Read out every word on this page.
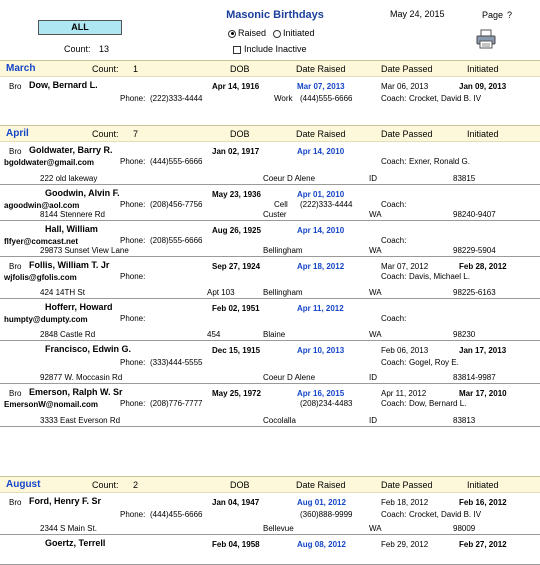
ALL
Count: 13
Masonic Birthdays
Raised	Initiated
Include Inactive
May 24, 2015	Page ?
March	Count: 1	DOB	Date Raised	Date Passed	Initiated
Bro Dow, Bernard L.	Apr 14, 1916	Mar 07, 2013	Mar 06, 2013	Jan 09, 2013
Phone: (222)333-4444	Work (444)555-6666	Coach: Crocket, David B. IV
April	Count: 7	DOB	Date Raised	Date Passed	Initiated
Bro Goldwater, Barry R.	Jan 02, 1917	Apr 14, 2010
bgoldwater@gmail.com	Phone: (444)555-6666	Coach: Exner, Ronald G.
222 old lakeway	Coeur D Alene	ID	83815
Goodwin, Alvin F.	May 23, 1936	Apr 01, 2010
agoodwin@aol.com	Phone: (208)456-7756	Cell (222)333-4444	Coach:
8144 Stennere Rd	Custer	WA	98240-9407
Hall, William	Aug 26, 1925	Apr 14, 2010
flfyer@comcast.net	Phone: (208)555-6666	Coach:
29873 Sunset View Lane	Bellingham	WA	98229-5904
Bro Follis, William T. Jr	Sep 27, 1924	Apr 18, 2012	Mar 07, 2012	Feb 28, 2012
wjfolis@gfolis.com	Phone:	Coach: Davis, Michael L.
424 14TH St	Apt 103	Bellingham	WA	98225-6163
Hofferr, Howard	Feb 02, 1951	Apr 11, 2012
humpty@dumpty.com	Phone:	Coach:
2848 Castle Rd	454	Blaine	WA	98230
Francisco, Edwin G.	Dec 15, 1915	Apr 10, 2013	Feb 06, 2013	Jan 17, 2013
Phone: (333)444-5555	Coach: Gogel, Roy E.
92877 W. Moccasin Rd	Coeur D Alene	ID	83814-9987
Bro Emerson, Ralph W. Sr	May 25, 1972	Apr 16, 2015	Apr 11, 2012	Mar 17, 2010
EmersonW@nomail.com	Phone: (208)776-7777	(208)234-4483	Coach: Dow, Bernard L.
3333 East Everson Rd	Cocolalla	ID	83813
August	Count: 2	DOB	Date Raised	Date Passed	Initiated
Bro Ford, Henry F. Sr	Jan 04, 1947	Aug 01, 2012	Feb 18, 2012	Feb 16, 2012
Phone: (444)455-6666	(360)888-9999	Coach: Crocket, David B. IV
2344 S Main St.	Bellevue	WA	98009
Goertz, Terrell	Feb 04, 1958	Aug 08, 2012	Feb 29, 2012	Feb 27, 2012
